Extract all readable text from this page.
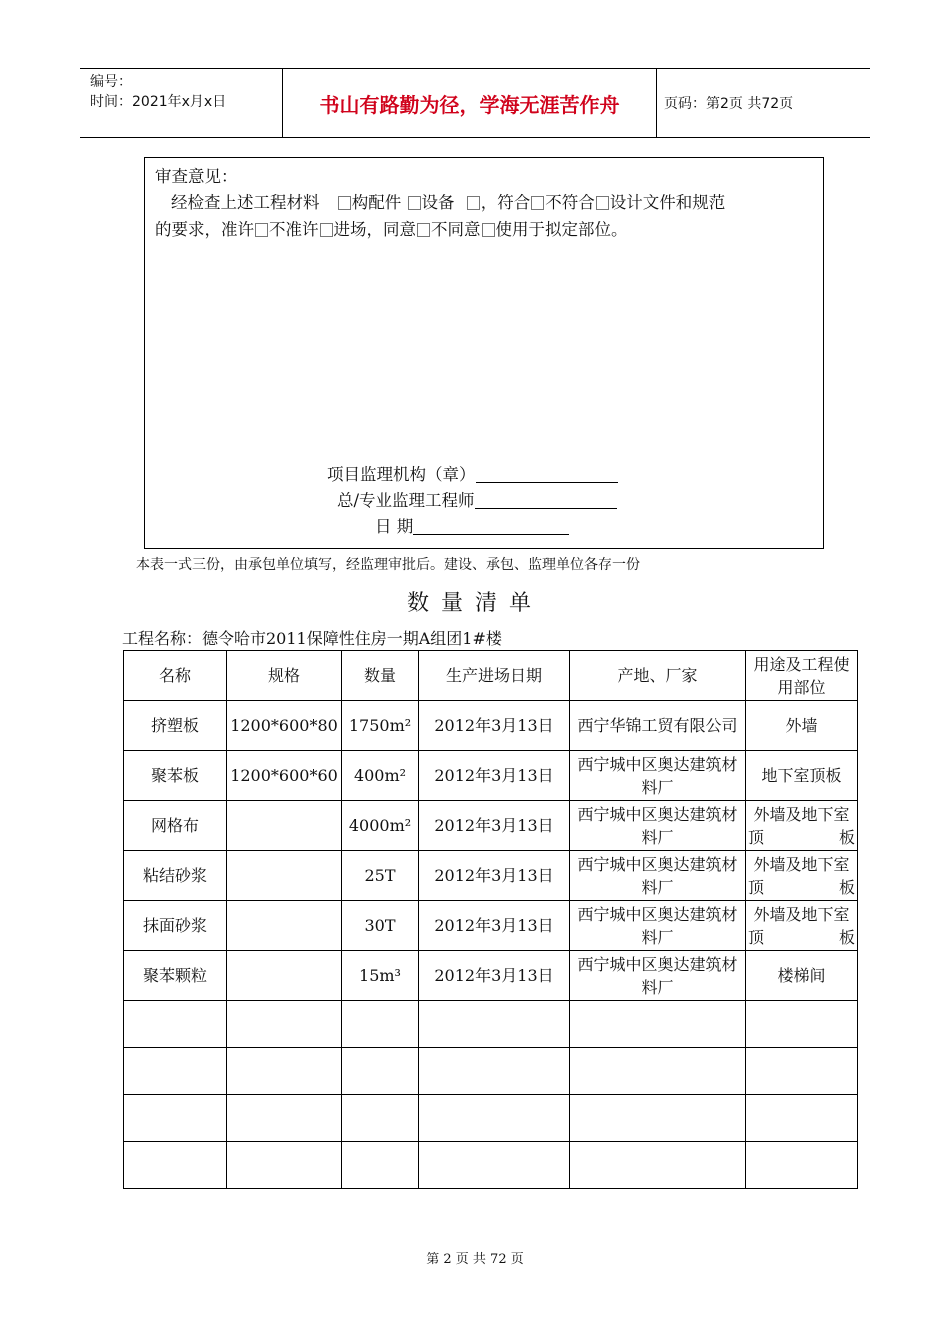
编号：
时间：2021年x月x日	书山有路勤为径，学海无涯苦作舟	页码：第2页 共72页
审查意见：
经检查上述工程材料 构配件 设备 ，符合 不符合 设计文件和规范
的要求，准许 不准许 进场，同意 不同意 使用于拟定部位。
项目监理机构（章）
总/专业监理工程师
日 期
本表一式三份，由承包单位填写，经监理审批后。建设、承包、监理单位各存一份
数量清单
工程名称：德令哈市2011保障性住房一期A组团1#楼
名称	规格	数量	生产进场日期	产地、厂家	用途及工程使用部位
挤塑板	1200*600*80	1750m²	2012年3月13日	西宁华锦工贸有限公司	外墙
聚苯板	1200*600*60	400m²	2012年3月13日	西宁城中区奥达建筑材料厂	地下室顶板
网格布		4000m²	2012年3月13日	西宁城中区奥达建筑材料厂	外墙及地下室顶板
粘结砂浆		25T	2012年3月13日	西宁城中区奥达建筑材料厂	外墙及地下室顶板
抹面砂浆		30T	2012年3月13日	西宁城中区奥达建筑材料厂	外墙及地下室顶板
聚苯颗粒		15m³	2012年3月13日	西宁城中区奥达建筑材料厂	楼梯间

第 2 页 共 72 页
